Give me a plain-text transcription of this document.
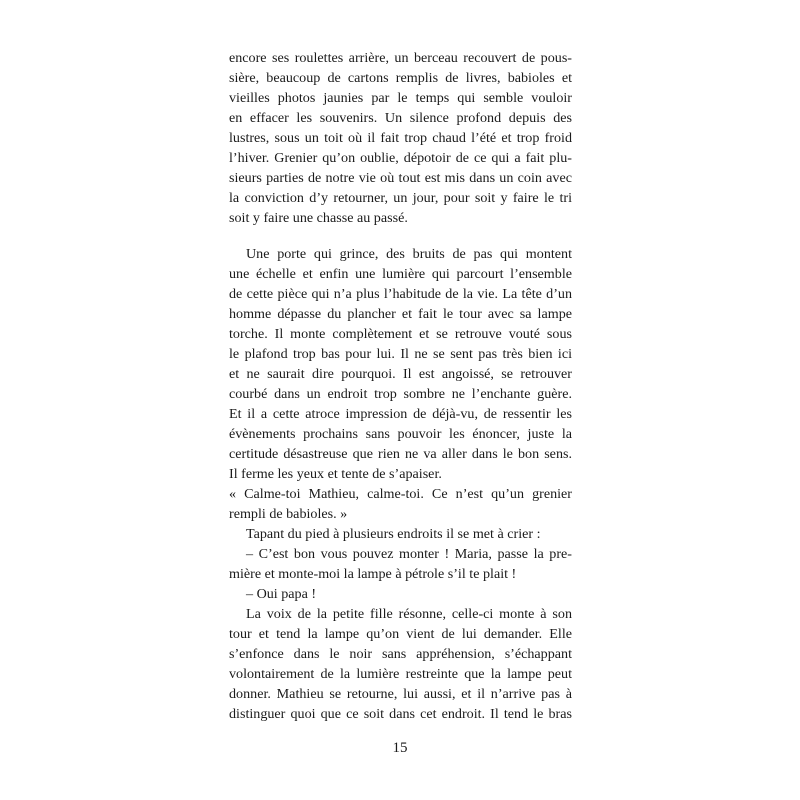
encore ses roulettes arrière, un berceau recouvert de pous-
sière, beaucoup de cartons remplis de livres, babioles et
vieilles photos jaunies par le temps qui semble vouloir
en effacer les souvenirs. Un silence profond depuis des
lustres, sous un toit où il fait trop chaud l’été et trop froid
l’hiver. Grenier qu’on oublie, dépotoir de ce qui a fait plu-
sieurs parties de notre vie où tout est mis dans un coin avec
la conviction d’y retourner, un jour, pour soit y faire le tri
soit y faire une chasse au passé.
Une porte qui grince, des bruits de pas qui montent
une échelle et enfin une lumière qui parcourt l’ensemble
de cette pièce qui n’a plus l’habitude de la vie. La tête d’un
homme dépasse du plancher et fait le tour avec sa lampe
torche. Il monte complètement et se retrouve vouté sous
le plafond trop bas pour lui. Il ne se sent pas très bien ici
et ne saurait dire pourquoi. Il est angoissé, se retrouver
courbé dans un endroit trop sombre ne l’enchante guère.
Et il a cette atroce impression de déjà-vu, de ressentir les
évènements prochains sans pouvoir les énoncer, juste la
certitude désastreuse que rien ne va aller dans le bon sens.
Il ferme les yeux et tente de s’apaiser.
« Calme-toi Mathieu, calme-toi. Ce n’est qu’un grenier
rempli de babioles. »
Tapant du pied à plusieurs endroits il se met à crier :
– C’est bon vous pouvez monter ! Maria, passe la pre-
mière et monte-moi la lampe à pétrole s’il te plait !
– Oui papa !
La voix de la petite fille résonne, celle-ci monte à son
tour et tend la lampe qu’on vient de lui demander. Elle
s’enfonce dans le noir sans appréhension, s’échappant
volontairement de la lumière restreinte que la lampe peut
donner. Mathieu se retourne, lui aussi, et il n’arrive pas à
distinguer quoi que ce soit dans cet endroit. Il tend le bras
15
